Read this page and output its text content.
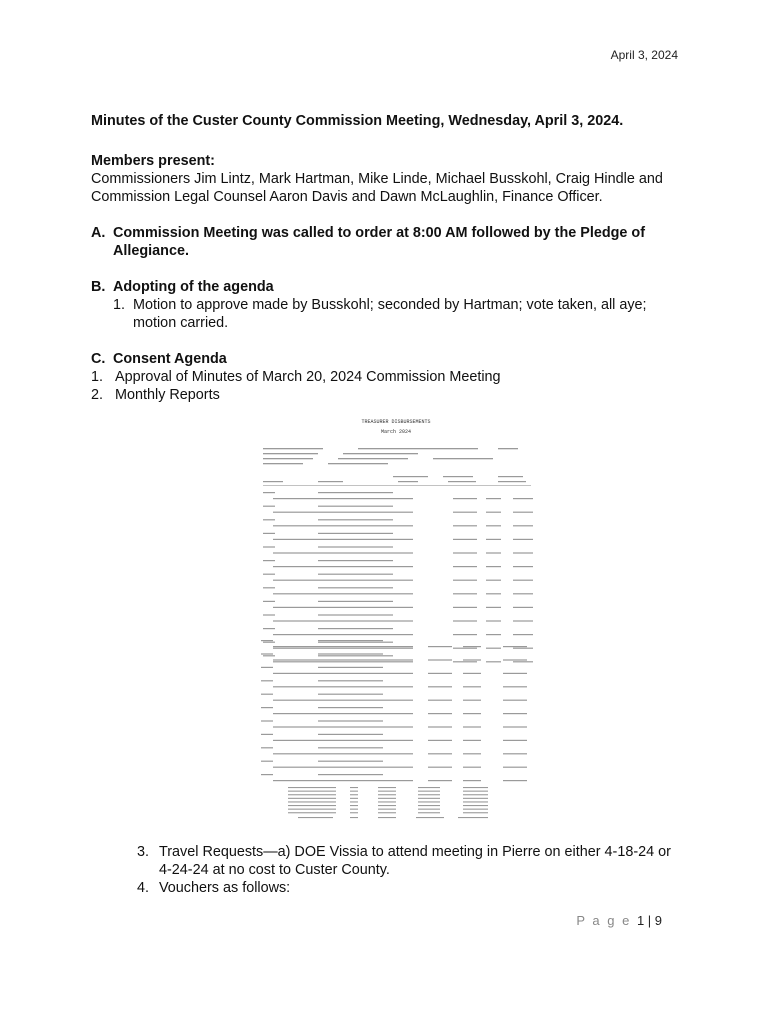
April 3, 2024
Minutes of the Custer County Commission Meeting, Wednesday, April 3, 2024.
Members present:
Commissioners Jim Lintz, Mark Hartman, Mike Linde, Michael Busskohl, Craig Hindle and Commission Legal Counsel Aaron Davis and Dawn McLaughlin, Finance Officer.
A. Commission Meeting was called to order at 8:00 AM followed by the Pledge of Allegiance.
B. Adopting of the agenda
1. Motion to approve made by Busskohl; seconded by Hartman; vote taken, all aye; motion carried.
C. Consent Agenda
1. Approval of Minutes of March 20, 2024 Commission Meeting
2. Monthly Reports
TREASURER DISBURSEMENTS
March 2024
3. Travel Requests—a) DOE Vissia to attend meeting in Pierre on either 4-18-24 or 4-24-24 at no cost to Custer County.
4. Vouchers as follows:
P a g e 1 | 9
